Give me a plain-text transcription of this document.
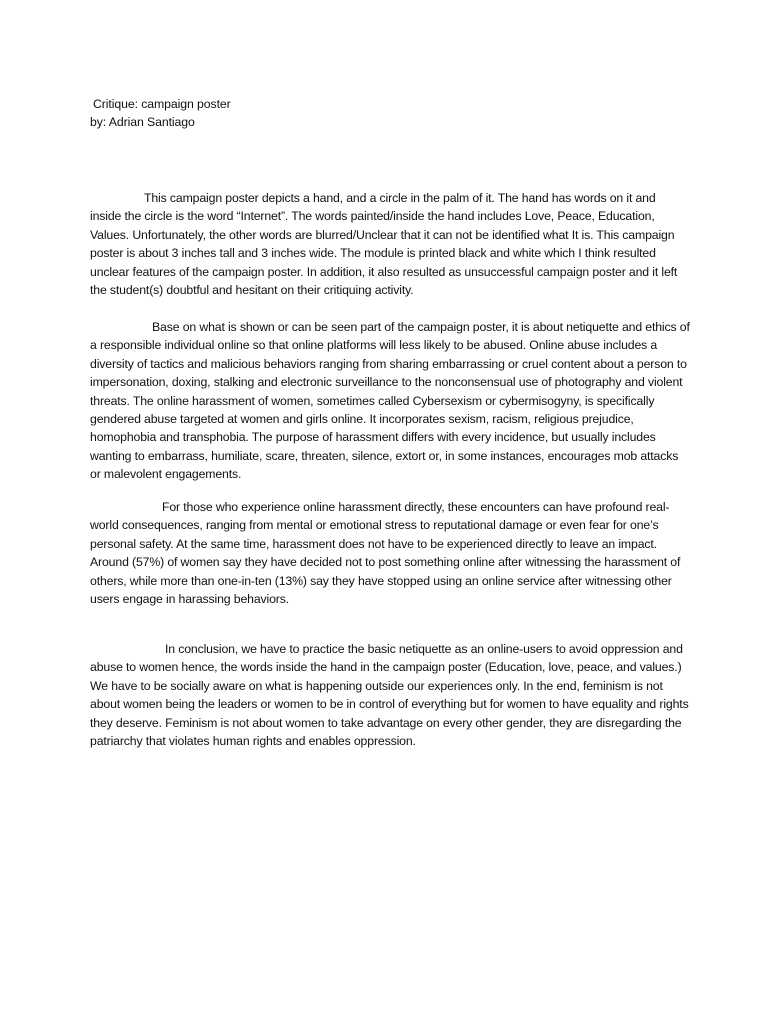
Critique: campaign poster
by: Adrian Santiago

This campaign poster depicts a hand, and a circle in the palm of it. The hand has words on it and inside the circle is the word “Internet”. The words painted/inside the hand includes Love, Peace, Education, Values. Unfortunately, the other words are blurred/Unclear that it can not be identified what It is. This campaign poster is about 3 inches tall and 3 inches wide. The module is printed black and white which I think resulted unclear features of the campaign poster. In addition, it also resulted as unsuccessful campaign poster and it left the student(s) doubtful and hesitant on their critiquing activity.

Base on what is shown or can be seen part of the campaign poster, it is about netiquette and ethics of a responsible individual online so that online platforms will less likely to be abused. Online abuse includes a diversity of tactics and malicious behaviors ranging from sharing embarrassing or cruel content about a person to impersonation, doxing, stalking and electronic surveillance to the nonconsensual use of photography and violent threats. The online harassment of women, sometimes called Cybersexism or cybermisogyny, is specifically gendered abuse targeted at women and girls online. It incorporates sexism, racism, religious prejudice, homophobia and transphobia. The purpose of harassment differs with every incidence, but usually includes wanting to embarrass, humiliate, scare, threaten, silence, extort or, in some instances, encourages mob attacks or malevolent engagements.

For those who experience online harassment directly, these encounters can have profound real-world consequences, ranging from mental or emotional stress to reputational damage or even fear for one’s personal safety. At the same time, harassment does not have to be experienced directly to leave an impact. Around (57%) of women say they have decided not to post something online after witnessing the harassment of others, while more than one-in-ten (13%) say they have stopped using an online service after witnessing other users engage in harassing behaviors.

In conclusion, we have to practice the basic netiquette as an online-users to avoid oppression and abuse to women hence, the words inside the hand in the campaign poster (Education, love, peace, and values.) We have to be socially aware on what is happening outside our experiences only. In the end, feminism is not about women being the leaders or women to be in control of everything but for women to have equality and rights they deserve. Feminism is not about women to take advantage on every other gender, they are disregarding the patriarchy that violates human rights and enables oppression.
